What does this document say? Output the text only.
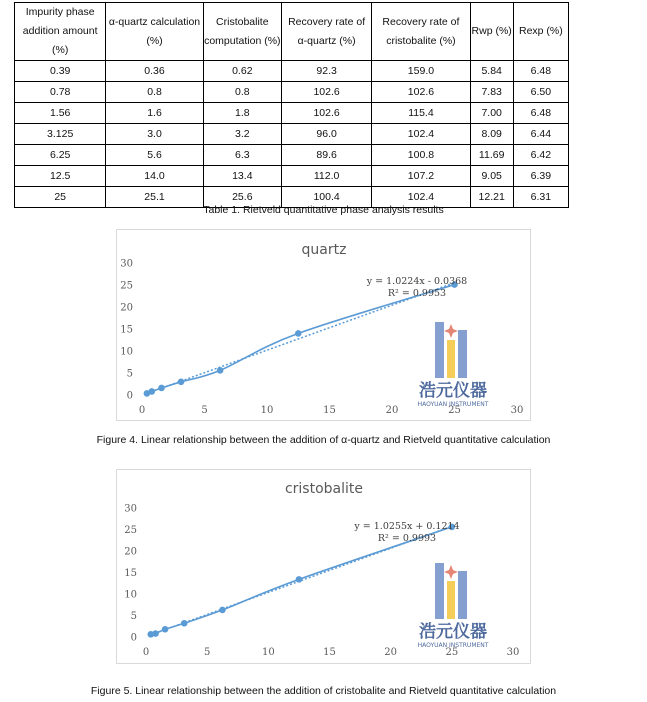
Impurity phase addition amount (%)	α-quartz calculation (%)	Cristobalite computation (%)	Recovery rate of α-quartz (%)	Recovery rate of cristobalite (%)	Rwp (%)	Rexp (%)
0.39	0.36	0.62	92.3	159.0	5.84	6.48
0.78	0.8	0.8	102.6	102.6	7.83	6.50
1.56	1.6	1.8	102.6	115.4	7.00	6.48
3.125	3.0	3.2	96.0	102.4	8.09	6.44
6.25	5.6	6.3	89.6	100.8	11.69	6.42
12.5	14.0	13.4	112.0	107.2	9.05	6.39
25	25.1	25.6	100.4	102.4	12.21	6.31
Table 1. Rietveld quantitative phase analysis results
quartz
0
5
10
15
20
25
30
0	5	10	15	20	25	30
浩元仪器
HAOYUAN INSTRUMENT
y = 1.0224x - 0.0368
R² = 0.9953
Figure 4. Linear relationship between the addition of α-quartz and Rietveld quantitative calculation
cristobalite
0
5
10
15
20
25
30
0	5	10	15	20	25	30
浩元仪器
HAOYUAN INSTRUMENT
y = 1.0255x + 0.1214
R² = 0.9993
Figure 5. Linear relationship between the addition of cristobalite and Rietveld quantitative calculation
